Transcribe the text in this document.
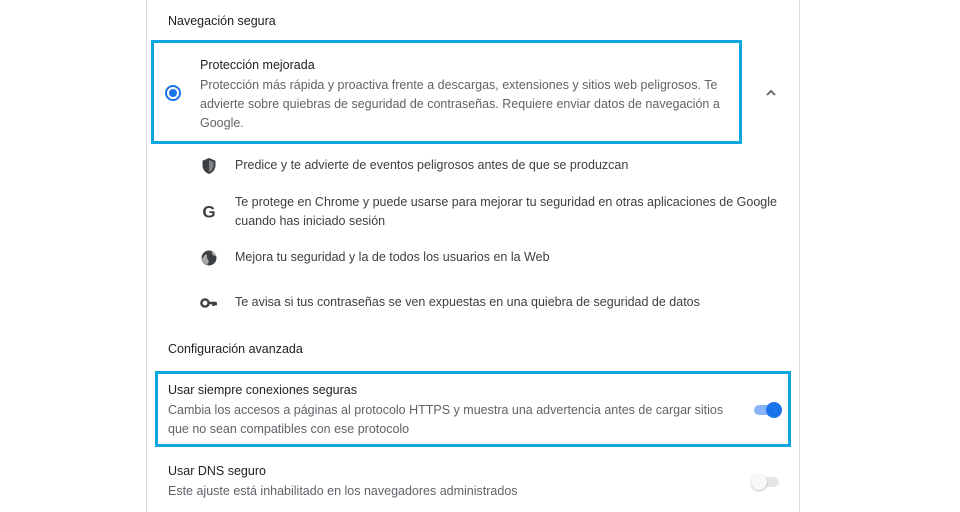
Navegación segura
Protección mejorada
Protección más rápida y proactiva frente a descargas, extensiones y sitios web peligrosos. Te advierte sobre quiebras de seguridad de contraseñas. Requiere enviar datos de navegación a Google.
Predice y te advierte de eventos peligrosos antes de que se produzcan
G
Te protege en Chrome y puede usarse para mejorar tu seguridad en otras aplicaciones de Google cuando has iniciado sesión
Mejora tu seguridad y la de todos los usuarios en la Web
Te avisa si tus contraseñas se ven expuestas en una quiebra de seguridad de datos
Configuración avanzada
Usar siempre conexiones seguras
Cambia los accesos a páginas al protocolo HTTPS y muestra una advertencia antes de cargar sitios que no sean compatibles con ese protocolo
Usar DNS seguro
Este ajuste está inhabilitado en los navegadores administrados
